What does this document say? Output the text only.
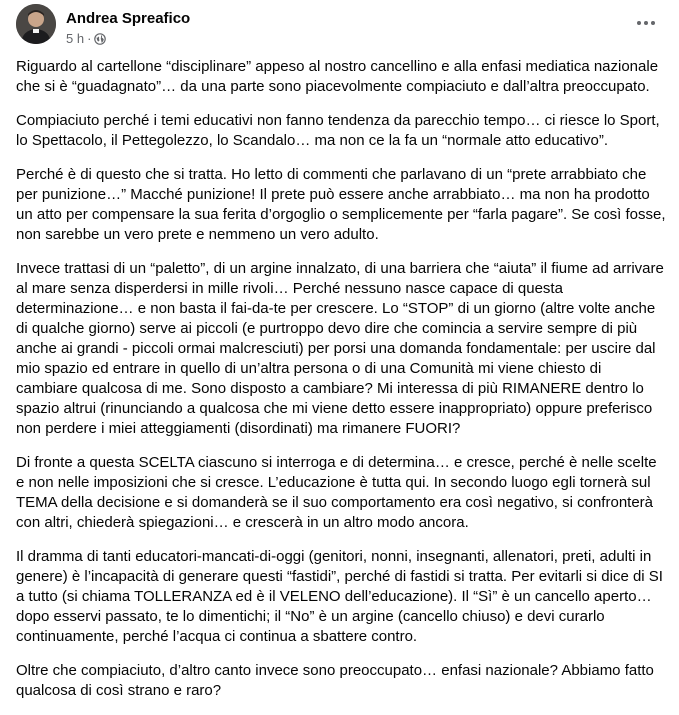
Andrea Spreafico
5 h ·

Riguardo al cartellone “disciplinare” appeso al nostro cancellino e alla enfasi mediatica nazionale che si è “guadagnato”… da una parte sono piacevolmente compiaciuto e dall’altra preoccupato.

Compiaciuto perché i temi educativi non fanno tendenza da parecchio tempo… ci riesce lo Sport, lo Spettacolo, il Pettegolezzo, lo Scandalo… ma non ce la fa un “normale atto educativo”.

Perché è di questo che si tratta. Ho letto di commenti che parlavano di un “prete arrabbiato che per punizione…” Macché punizione! Il prete può essere anche arrabbiato… ma non ha prodotto un atto per compensare la sua ferita d’orgoglio o semplicemente per “farla pagare”. Se così fosse, non sarebbe un vero prete e nemmeno un vero adulto.

Invece trattasi di un “paletto”, di un argine innalzato, di una barriera che “aiuta” il fiume ad arrivare al mare senza disperdersi in mille rivoli… Perché nessuno nasce capace di questa determinazione… e non basta il fai-da-te per crescere. Lo “STOP” di un giorno (altre volte anche di qualche giorno) serve ai piccoli (e purtroppo devo dire che comincia a servire sempre di più anche ai grandi - piccoli ormai malcresciuti) per porsi una domanda fondamentale: per uscire dal mio spazio ed entrare in quello di un’altra persona o di una Comunità mi viene chiesto di cambiare qualcosa di me. Sono disposto a cambiare? Mi interessa di più RIMANERE dentro lo spazio altrui (rinunciando a qualcosa che mi viene detto essere inappropriato) oppure preferisco non perdere i miei atteggiamenti (disordinati) ma rimanere FUORI?

Di fronte a questa SCELTA ciascuno si interroga e di determina… e cresce, perché è nelle scelte e non nelle imposizioni che si cresce. L’educazione è tutta qui. In secondo luogo egli tornerà sul TEMA della decisione e si domanderà se il suo comportamento era così negativo, si confronterà con altri, chiederà spiegazioni… e crescerà in un altro modo ancora.

Il dramma di tanti educatori-mancati-di-oggi (genitori, nonni, insegnanti, allenatori, preti, adulti in genere) è l’incapacità di generare questi “fastidi”, perché di fastidi si tratta. Per evitarli si dice di SI a tutto (si chiama TOLLERANZA ed è il VELENO dell’educazione). Il “Sì” è un cancello aperto… dopo esservi passato, te lo dimentichi; il “No” è un argine (cancello chiuso) e devi curarlo continuamente, perché l’acqua ci continua a sbattere contro.

Oltre che compiaciuto, d’altro canto invece sono preoccupato… enfasi nazionale? Abbiamo fatto qualcosa di così strano e raro?
